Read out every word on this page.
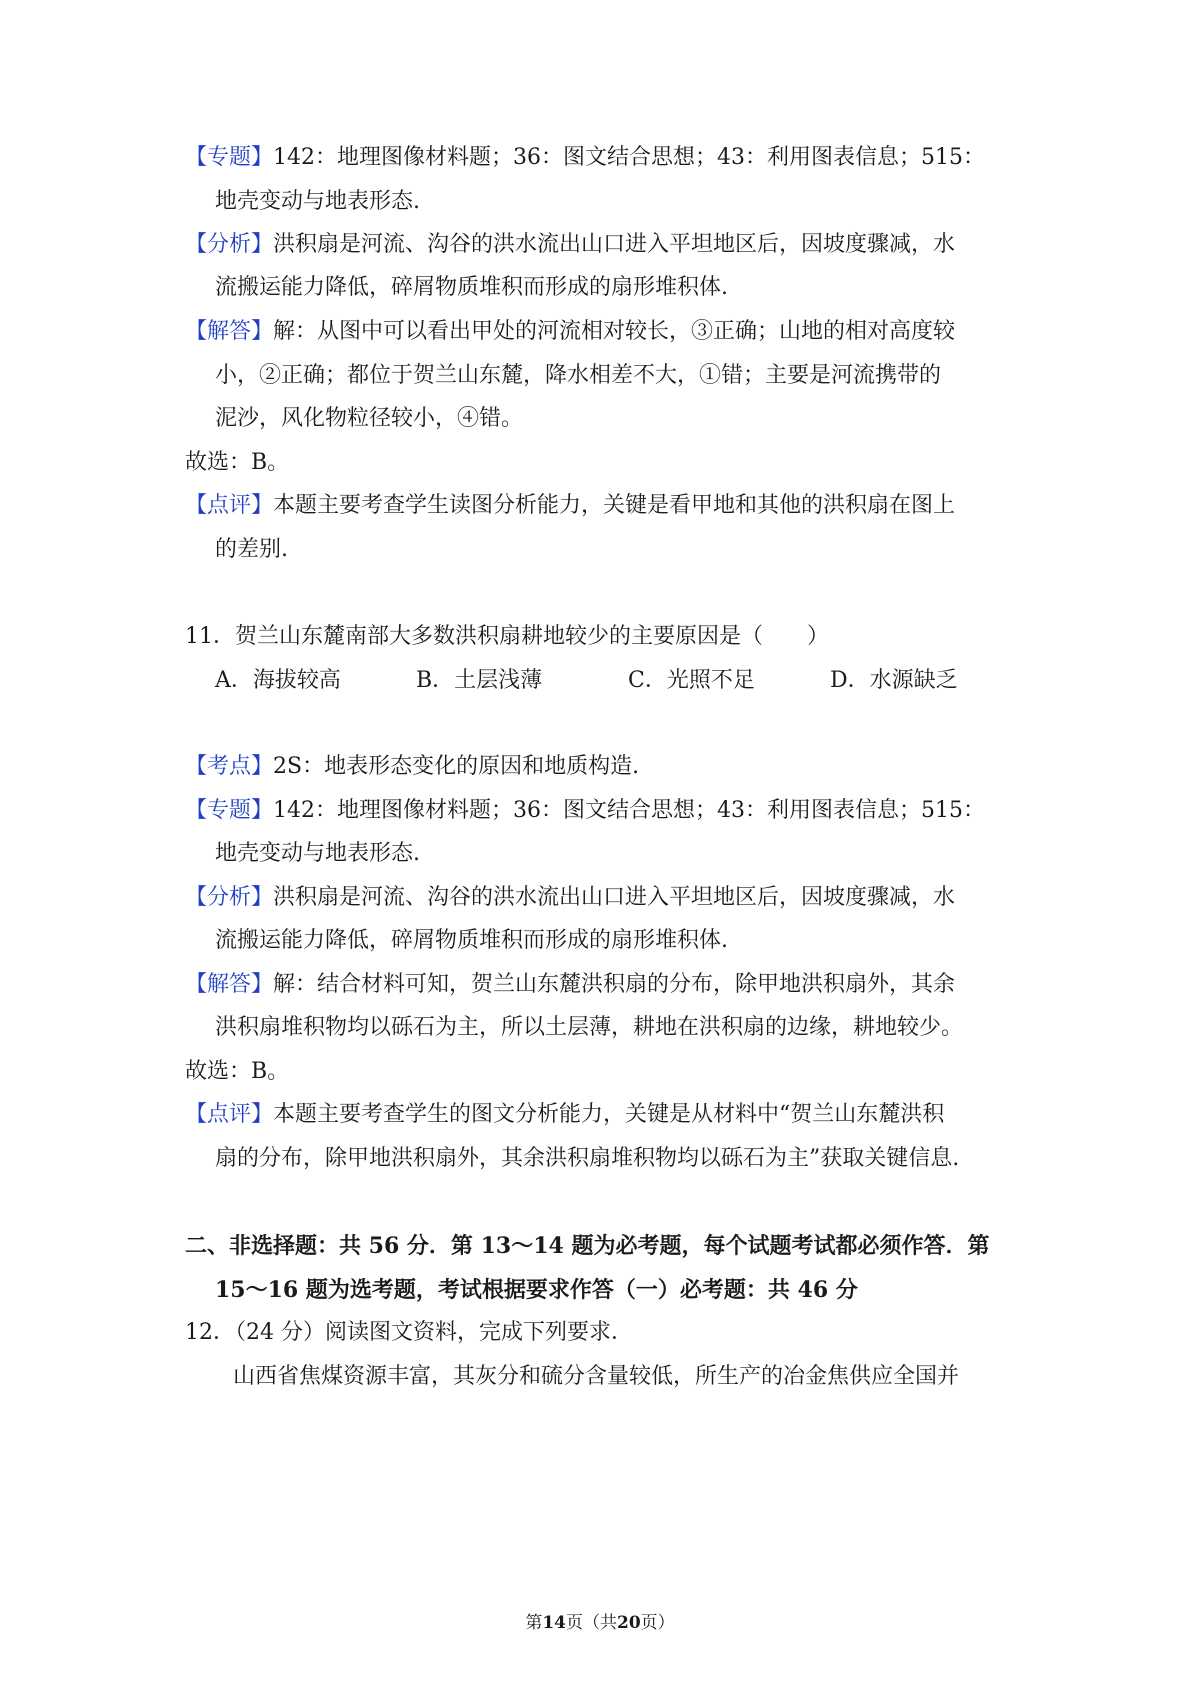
【专题】142：地理图像材料题；36：图文结合思想；43：利用图表信息；515：
地壳变动与地表形态.
【分析】洪积扇是河流、沟谷的洪水流出山口进入平坦地区后，因坡度骤减，水
流搬运能力降低，碎屑物质堆积而形成的扇形堆积体.
【解答】解：从图中可以看出甲处的河流相对较长，③正确；山地的相对高度较
小，②正确；都位于贺兰山东麓，降水相差不大，①错；主要是河流携带的
泥沙，风化物粒径较小，④错。
故选：B。
【点评】本题主要考查学生读图分析能力，关键是看甲地和其他的洪积扇在图上
的差别.
11．贺兰山东麓南部大多数洪积扇耕地较少的主要原因是（　　）
A．海拔较高	B．土层浅薄	C．光照不足	D．水源缺乏
【考点】2S：地表形态变化的原因和地质构造.
【专题】142：地理图像材料题；36：图文结合思想；43：利用图表信息；515：
地壳变动与地表形态.
【分析】洪积扇是河流、沟谷的洪水流出山口进入平坦地区后，因坡度骤减，水
流搬运能力降低，碎屑物质堆积而形成的扇形堆积体.
【解答】解：结合材料可知，贺兰山东麓洪积扇的分布，除甲地洪积扇外，其余
洪积扇堆积物均以砾石为主，所以土层薄，耕地在洪积扇的边缘，耕地较少。
故选：B。
【点评】本题主要考查学生的图文分析能力，关键是从材料中“贺兰山东麓洪积
扇的分布，除甲地洪积扇外，其余洪积扇堆积物均以砾石为主”获取关键信息.
二、非选择题：共 56 分．第 13～14 题为必考题，每个试题考试都必须作答．第
15～16 题为选考题，考试根据要求作答（一）必考题：共 46 分
12．（24 分）阅读图文资料，完成下列要求．
山西省焦煤资源丰富，其灰分和硫分含量较低，所生产的冶金焦供应全国并
第14页（共20页）
